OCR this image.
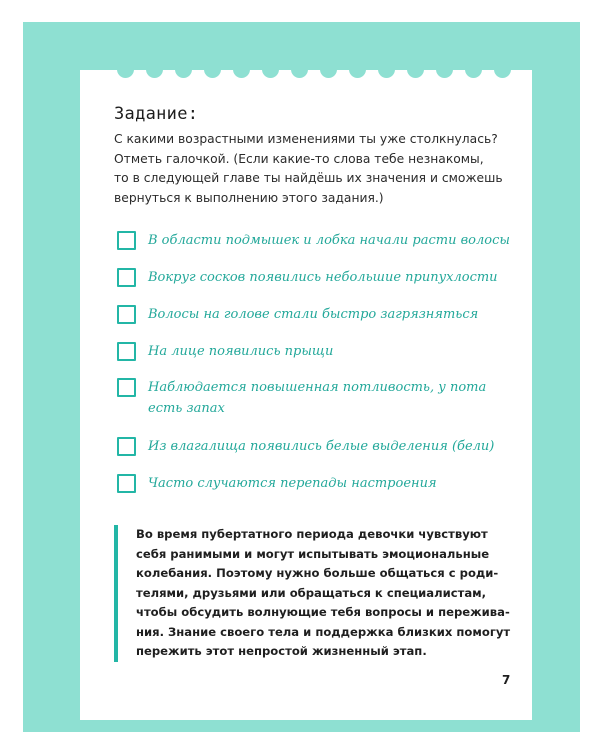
Задание:

С какими возрастными изменениями ты уже столкнулась?
Отметь галочкой. (Если какие-то слова тебе незнакомы,
то в следующей главе ты найдёшь их значения и сможешь
вернуться к выполнению этого задания.)

В области подмышек и лобка начали расти волосы
Вокруг сосков появились небольшие припухлости
Волосы на голове стали быстро загрязняться
На лице появились прыщи
Наблюдается повышенная потливость, у пота
есть запах
Из влагалища появились белые выделения (бели)
Часто случаются перепады настроения

Во время пубертатного периода девочки чувствуют
себя ранимыми и могут испытывать эмоциональные
колебания. Поэтому нужно больше общаться с роди-
телями, друзьями или обращаться к специалистам,
чтобы обсудить волнующие тебя вопросы и пережива-
ния. Знание своего тела и поддержка близких помогут
пережить этот непростой жизненный этап.

7
